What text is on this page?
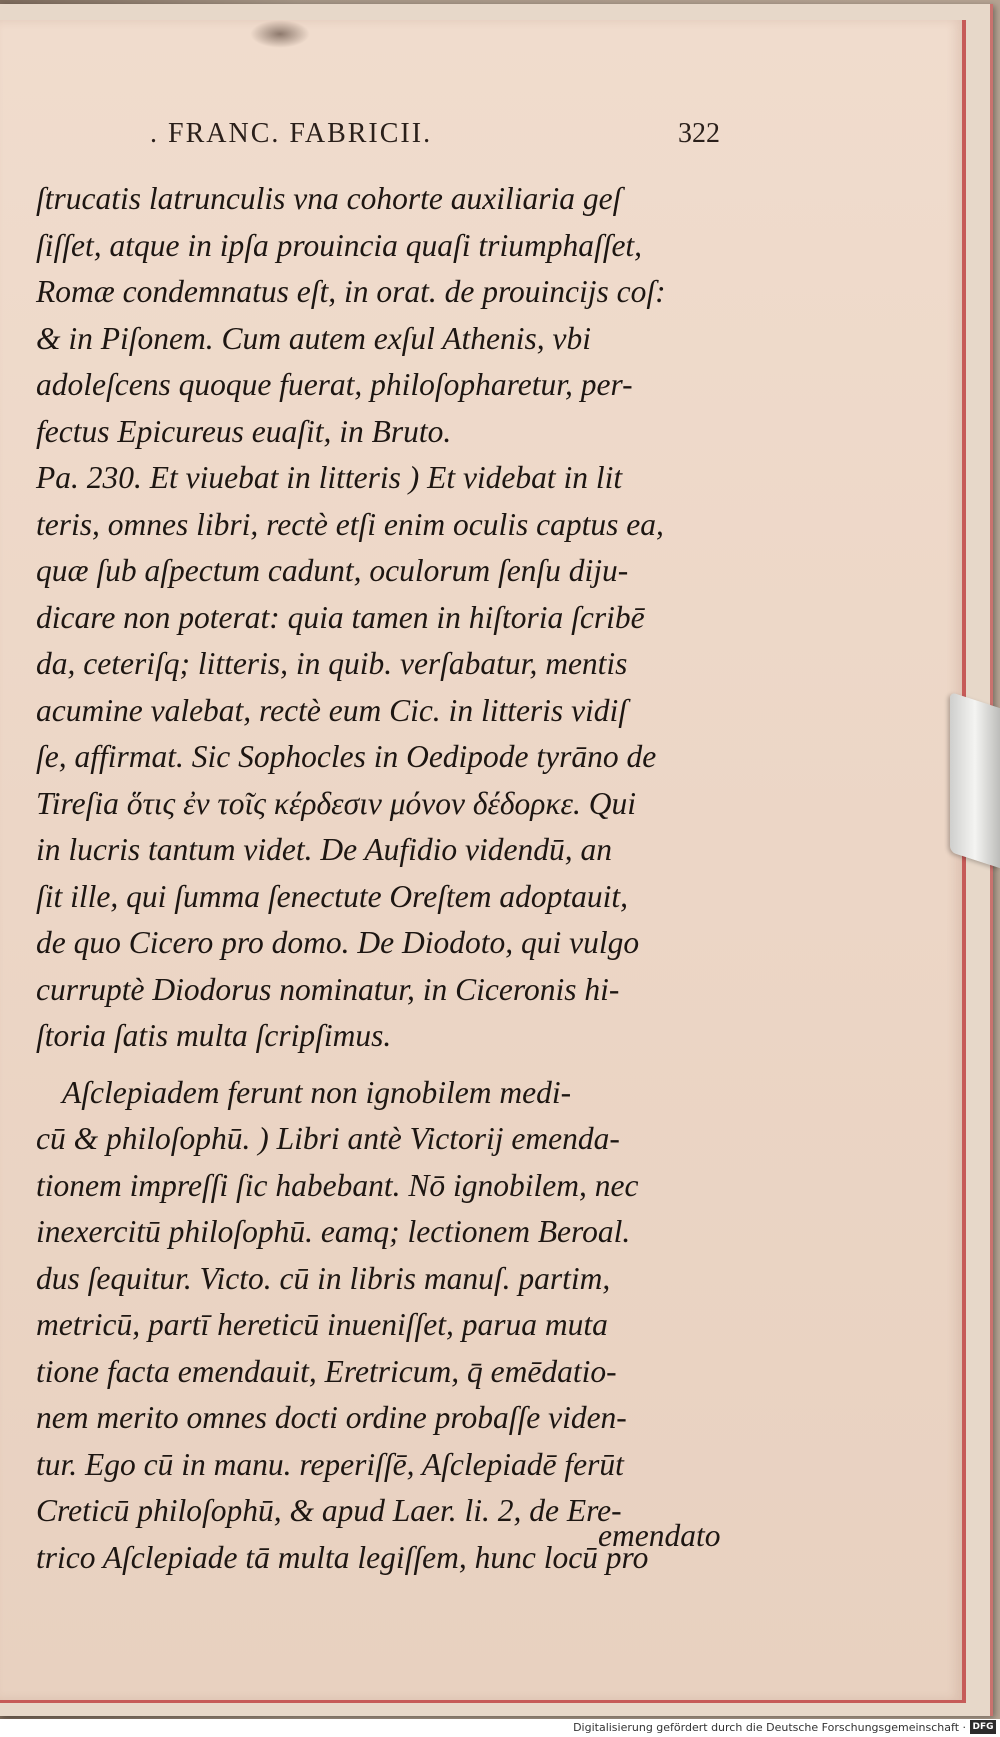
. FRANC. FABRICII.	322
ſtrucatis latrunculis vna cohorte auxiliaria geſ
ſiſſet, atque in ipſa prouincia quaſi triumphaſſet,
Romæ condemnatus eſt, in orat. de prouincijs coſ:
& in Piſonem. Cum autem exſul Athenis, vbi
adoleſcens quoque fuerat, philoſopharetur, per-
fectus Epicureus euaſit, in Bruto.
Pa. 230. Et viuebat in litteris ) Et videbat in lit
teris, omnes libri, rectè etſi enim oculis captus ea,
quæ ſub aſpectum cadunt, oculorum ſenſu diju-
dicare non poterat: quia tamen in hiſtoria ſcribē
da, ceteriſq; litteris, in quib. verſabatur, mentis
acumine valebat, rectè eum Cic. in litteris vidiſ
ſe, affirmat. Sic Sophocles in Oedipode tyrāno de
Tireſia ὅτις ἐν τοῖς κέρδεσιν μόνον δέδορκε. Qui
in lucris tantum videt. De Aufidio videndū, an
ſit ille, qui ſumma ſenectute Oreſtem adoptauit,
de quo Cicero pro domo. De Diodoto, qui vulgo
curruptè Diodorus nominatur, in Ciceronis hi-
ſtoria ſatis multa ſcripſimus.
Aſclepiadem ferunt non ignobilem medi-
cū & philoſophū. ) Libri antè Victorij emenda-
tionem impreſſi ſic habebant. Nō ignobilem, nec
inexercitū philoſophū. eamq; lectionem Beroal.
dus ſequitur. Victo. cū in libris manuſ. partim,
metricū, partī hereticū inueniſſet, parua muta
tione facta emendauit, Eretricum, q̄ emēdatio-
nem merito omnes docti ordine probaſſe viden-
tur. Ego cū in manu. reperiſſē, Aſclepiadē ferūt
Creticū philoſophū, & apud Laer. li. 2, de Ere-
trico Aſclepiade tā multa legiſſem, hunc locū pro
emendato
Digitalisierung gefördert durch die Deutsche Forschungsgemeinschaft · DFG
